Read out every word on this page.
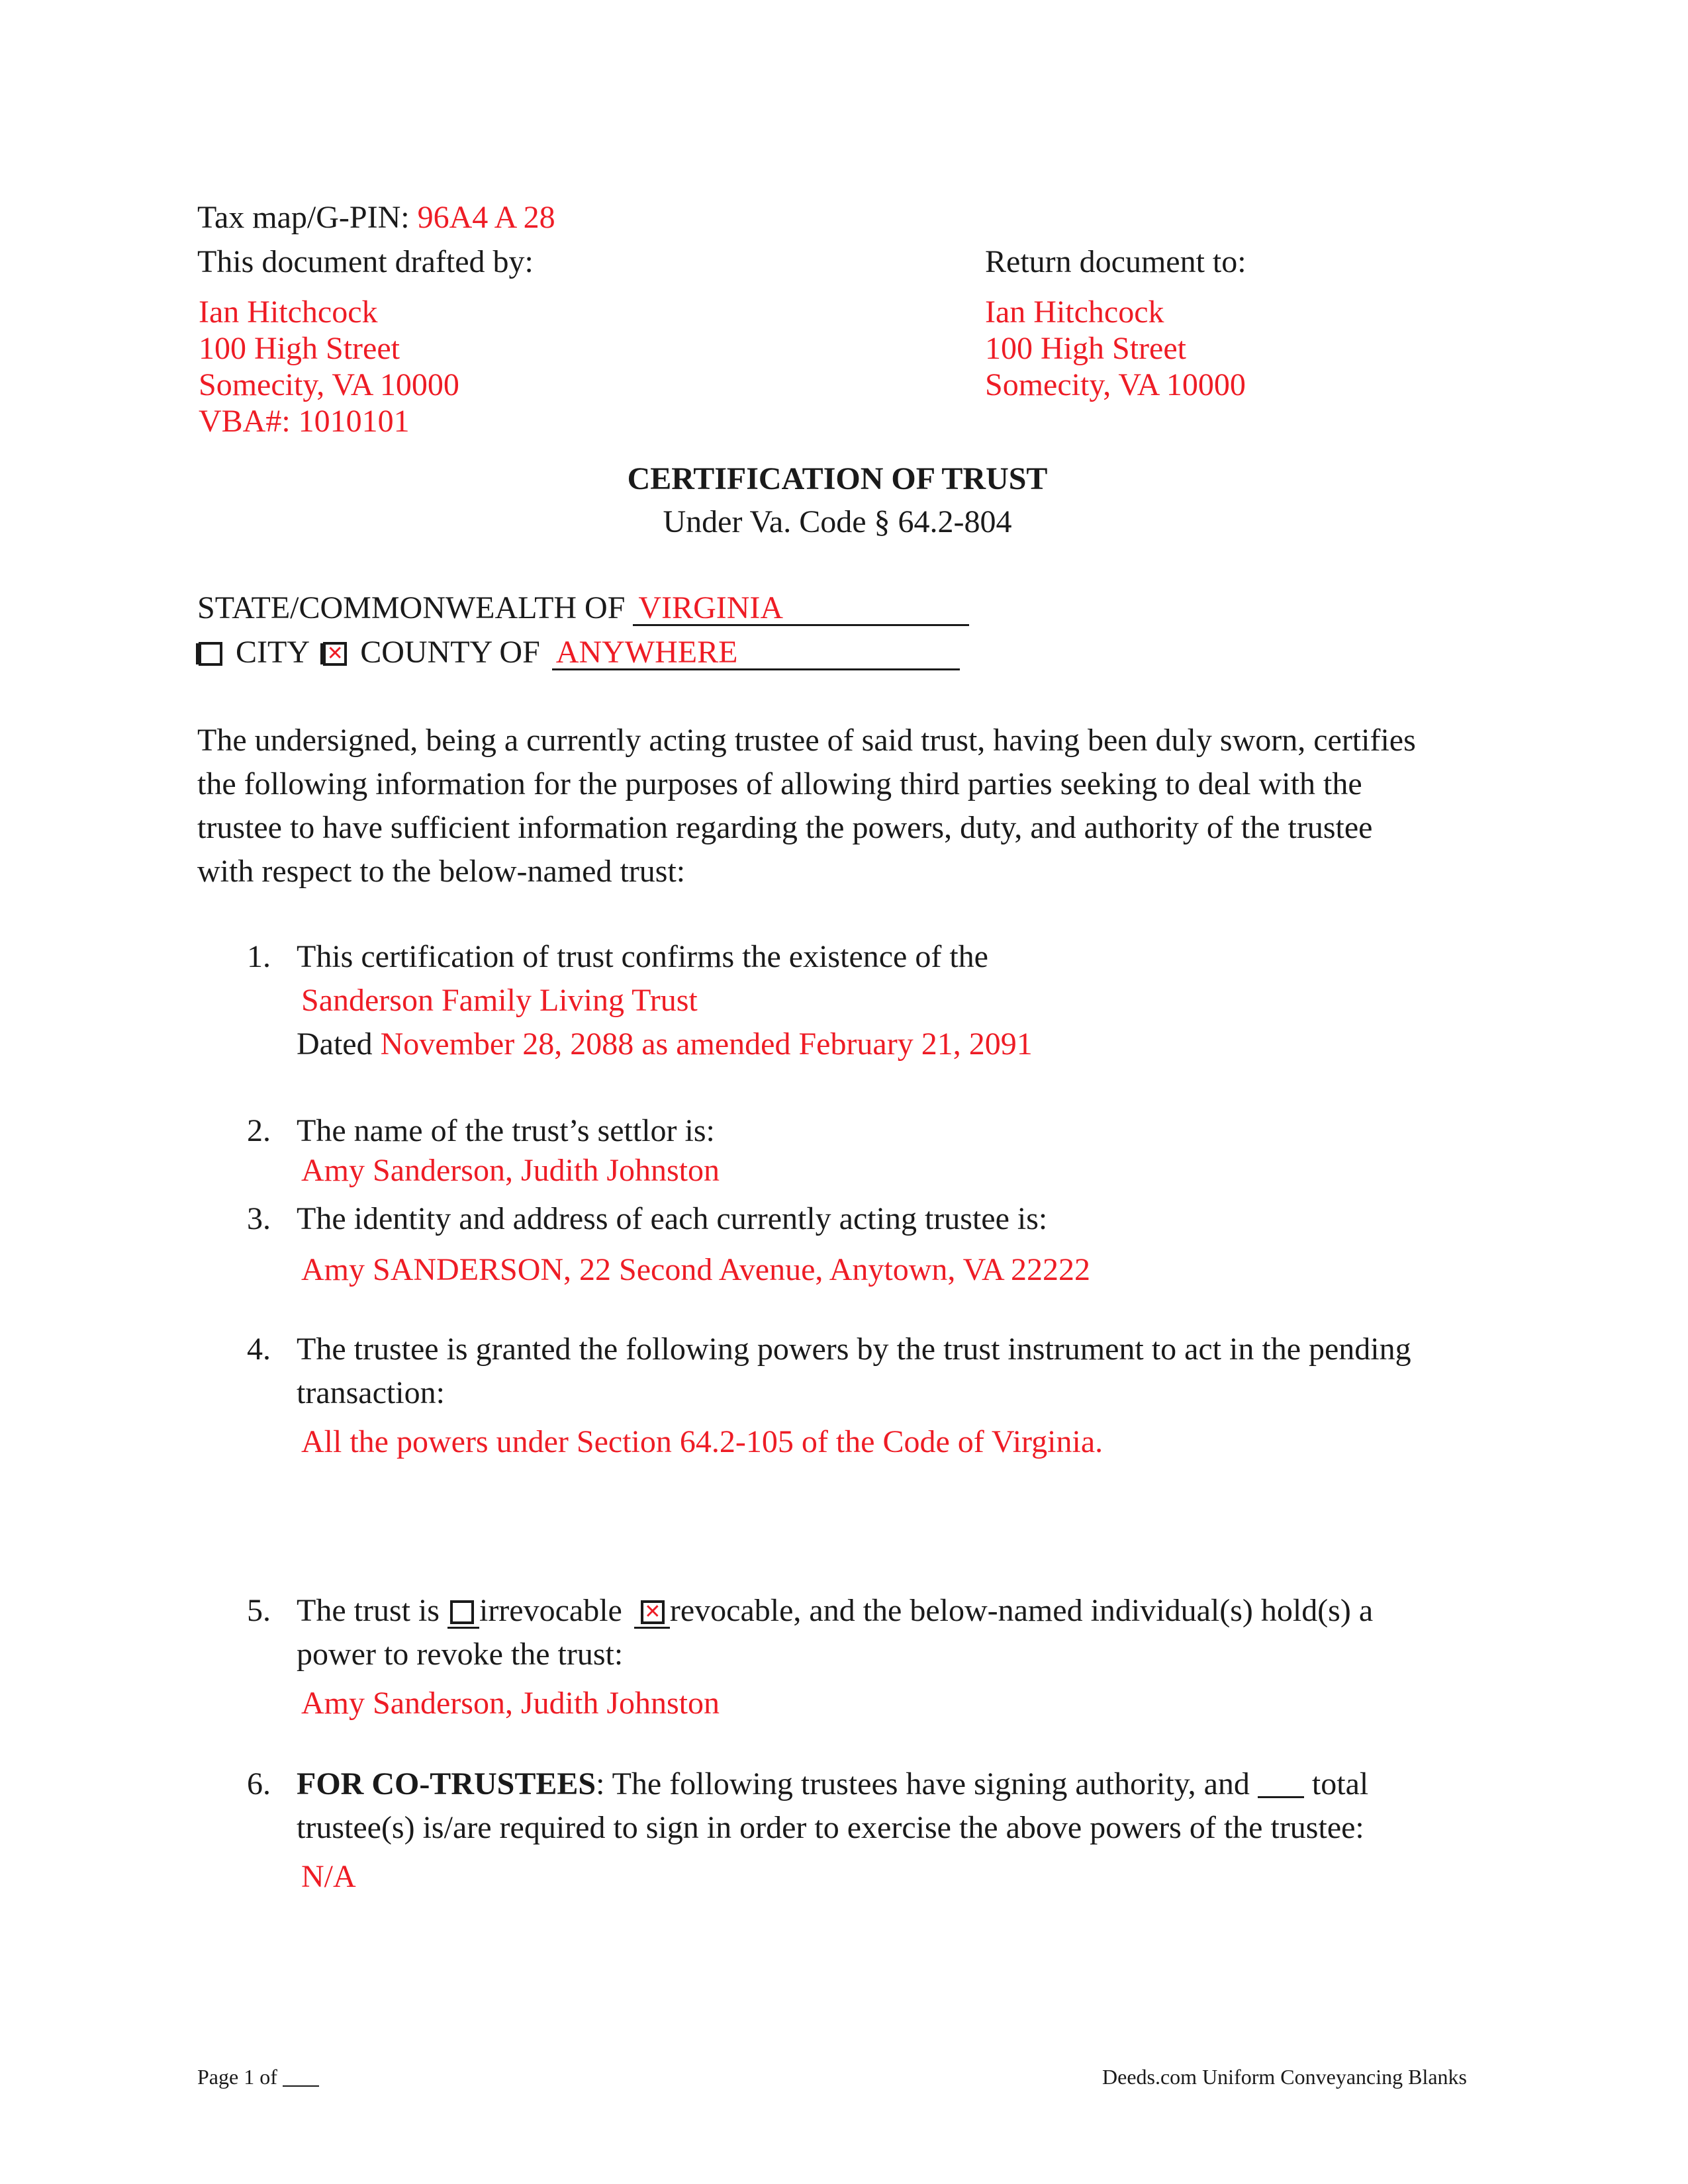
Tax map/G-PIN: 96A4 A 28
This document drafted by:	Return document to:
Ian Hitchcock
100 High Street
Somecity, VA 10000
VBA#: 1010101
Ian Hitchcock
100 High Street
Somecity, VA 10000
CERTIFICATION OF TRUST
Under Va. Code § 64.2-804
STATE/COMMONWEALTH OF VIRGINIA
CITY ✕ COUNTY OF ANYWHERE
The undersigned, being a currently acting trustee of said trust, having been duly sworn, certifies
the following information for the purposes of allowing third parties seeking to deal with the
trustee to have sufficient information regarding the powers, duty, and authority of the trustee
with respect to the below-named trust:
1. This certification of trust confirms the existence of the
Sanderson Family Living Trust
Dated November 28, 2088 as amended February 21, 2091
2. The name of the trust’s settlor is:
Amy Sanderson, Judith Johnston
3. The identity and address of each currently acting trustee is:
Amy SANDERSON, 22 Second Avenue, Anytown, VA 22222
4. The trustee is granted the following powers by the trust instrument to act in the pending
transaction:
All the powers under Section 64.2-105 of the Code of Virginia.
5. The trust is irrevocable ✕ revocable, and the below-named individual(s) hold(s) a
power to revoke the trust:
Amy Sanderson, Judith Johnston
6. FOR CO-TRUSTEES: The following trustees have signing authority, and total
trustee(s) is/are required to sign in order to exercise the above powers of the trustee:
N/A
Page 1 of	Deeds.com Uniform Conveyancing Blanks
